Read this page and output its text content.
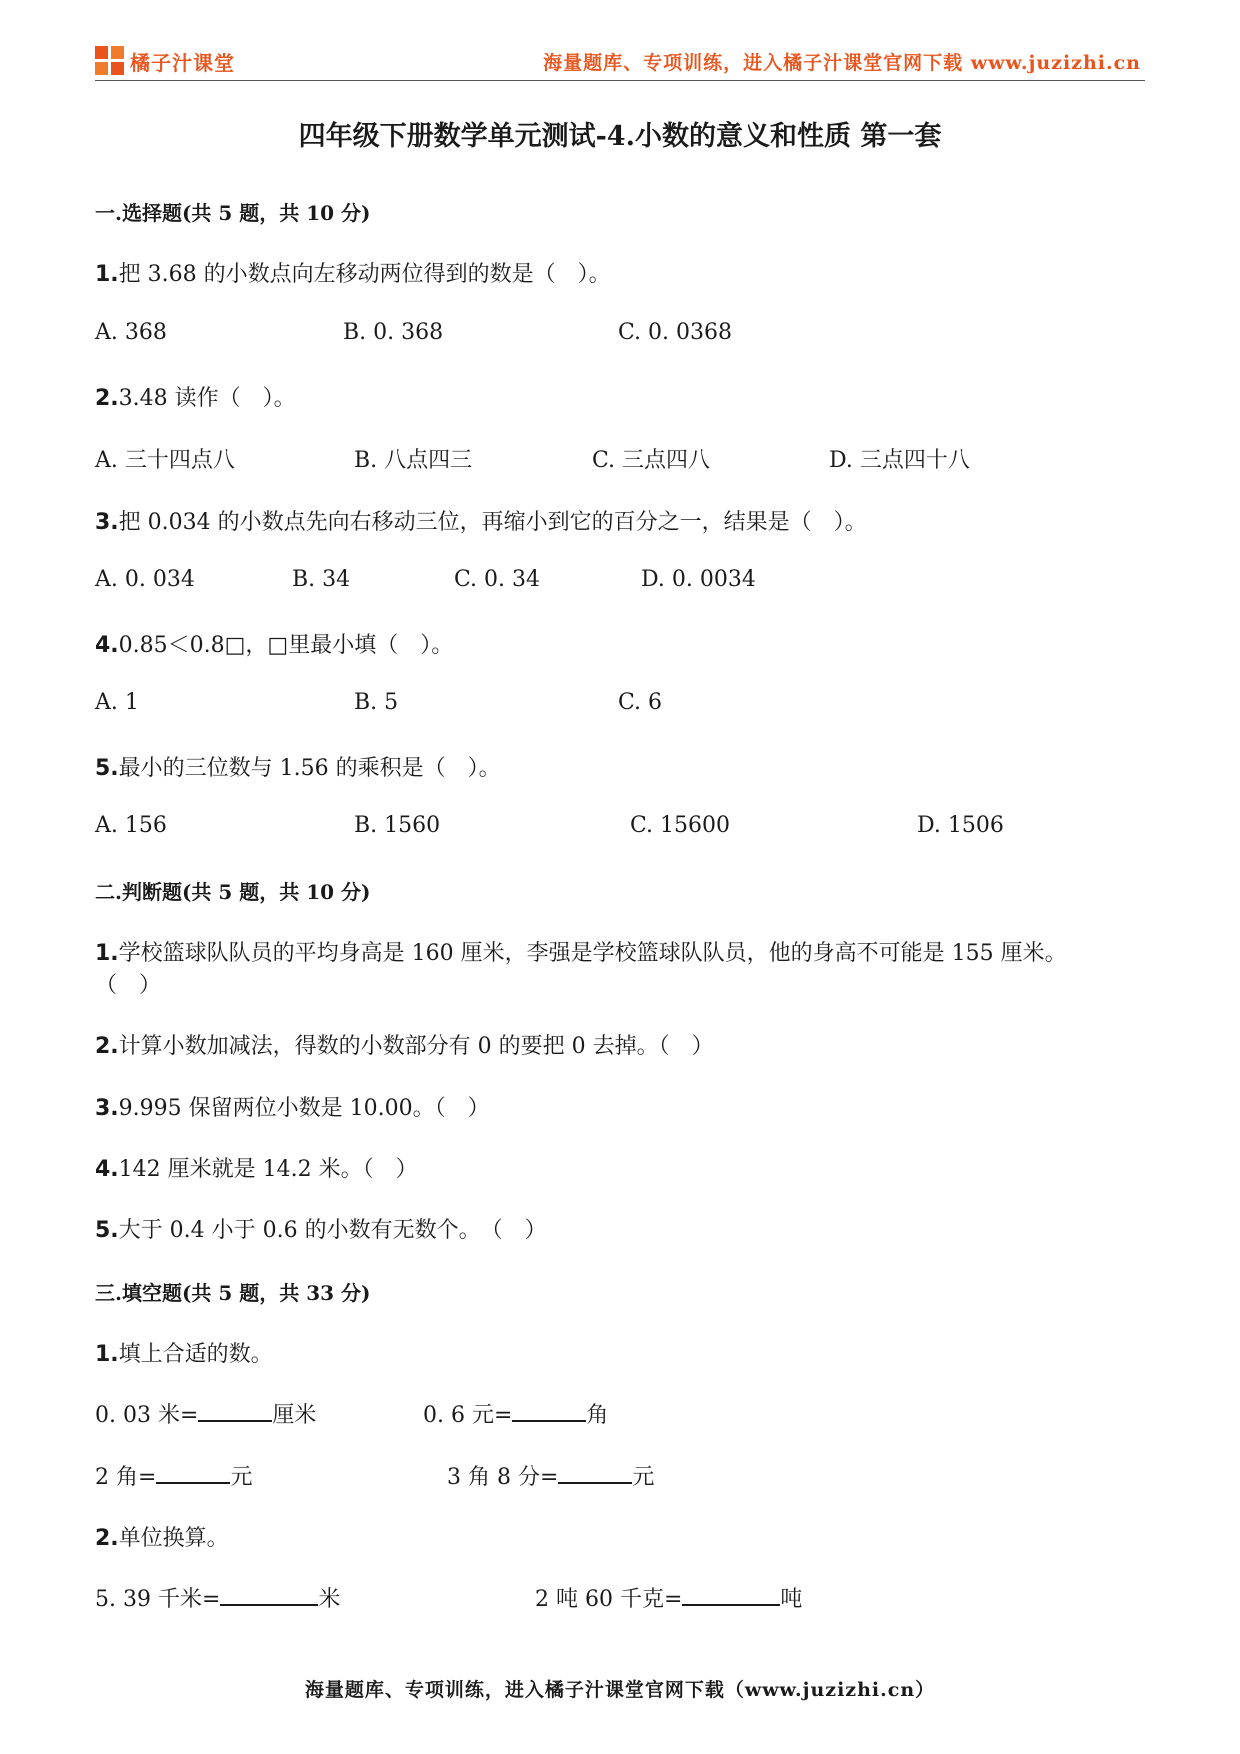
橘子汁课堂	海量题库、专项训练，进入橘子汁课堂官网下载 www.juzizhi.cn
四年级下册数学单元测试-4.小数的意义和性质 第一套
一.选择题(共 5 题，共 10 分)
1.把 3.68 的小数点向左移动两位得到的数是（　）。
A. 368	B. 0. 368	C. 0. 0368
2.3.48 读作（　）。
A. 三十四点八	B. 八点四三	C. 三点四八	D. 三点四十八
3.把 0.034 的小数点先向右移动三位，再缩小到它的百分之一，结果是（　）。
A. 0. 034	B. 34	C. 0. 34	D. 0. 0034
4.0.85＜0.8□，□里最小填（　）。
A. 1	B. 5	C. 6
5.最小的三位数与 1.56 的乘积是（　）。
A. 156	B. 1560	C. 15600	D. 1506
二.判断题(共 5 题，共 10 分)
1.学校篮球队队员的平均身高是 160 厘米，李强是学校篮球队队员，他的身高不可能是 155 厘米。
（　）
2.计算小数加减法，得数的小数部分有 0 的要把 0 去掉。（　）
3.9.995 保留两位小数是 10.00。（　）
4.142 厘米就是 14.2 米。（　）
5.大于 0.4 小于 0.6 的小数有无数个。　（　）
三.填空题(共 5 题，共 33 分)
1.填上合适的数。
0. 03 米=	厘米	0. 6 元=	角
2 角=	元	3 角 8 分=	元
2.单位换算。
5. 39 千米=	米	2 吨 60 千克=	吨
海量题库、专项训练，进入橘子汁课堂官网下载（www.juzizhi.cn）
